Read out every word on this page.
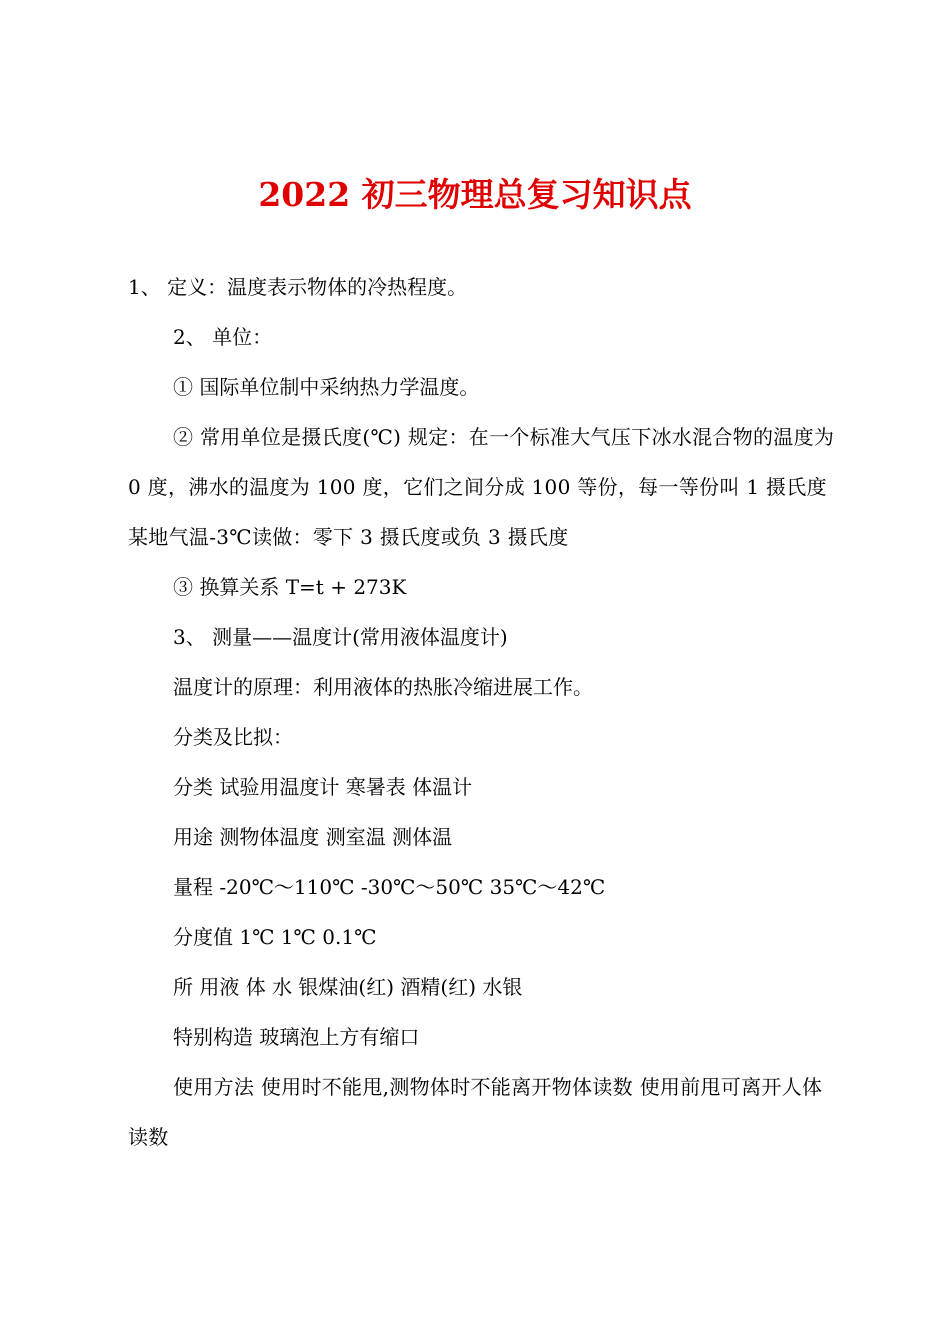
2022 初三物理总复习知识点
1、 定义：温度表示物体的冷热程度。
2、 单位：
① 国际单位制中采纳热力学温度。
② 常用单位是摄氏度(℃) 规定：在一个标准大气压下冰水混合物的温度为 0 度，沸水的温度为 100 度，它们之间分成 100 等份，每一等份叫 1 摄氏度 某地气温-3℃读做：零下 3 摄氏度或负 3 摄氏度
③ 换算关系 T=t + 273K
3、 测量——温度计(常用液体温度计)
温度计的原理：利用液体的热胀冷缩进展工作。
分类及比拟：
分类 试验用温度计 寒暑表 体温计
用途 测物体温度 测室温 测体温
量程 -20℃～110℃ -30℃～50℃ 35℃～42℃
分度值 1℃ 1℃ 0.1℃
所 用液 体 水 银煤油(红) 酒精(红) 水银
特别构造 玻璃泡上方有缩口
使用方法 使用时不能甩,测物体时不能离开物体读数 使用前甩可离开人体读数
